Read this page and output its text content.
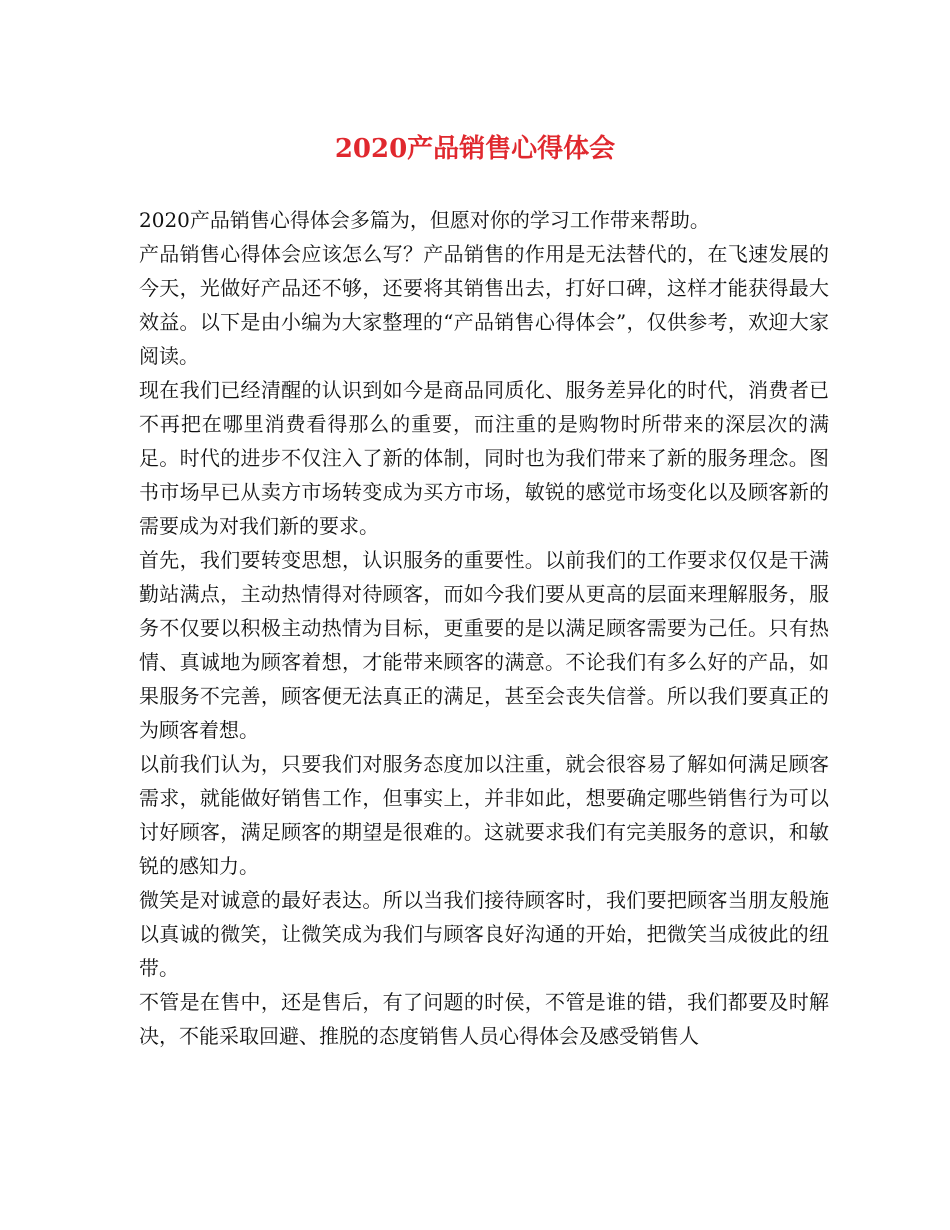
2020产品销售心得体会

2020产品销售心得体会多篇为，但愿对你的学习工作带来帮助。

产品销售心得体会应该怎么写？产品销售的作用是无法替代的，在飞速发展的今天，光做好产品还不够，还要将其销售出去，打好口碑，这样才能获得最大效益。以下是由小编为大家整理的“产品销售心得体会”，仅供参考，欢迎大家阅读。

现在我们已经清醒的认识到如今是商品同质化、服务差异化的时代，消费者已不再把在哪里消费看得那么的重要，而注重的是购物时所带来的深层次的满足。时代的进步不仅注入了新的体制，同时也为我们带来了新的服务理念。图书市场早已从卖方市场转变成为买方市场，敏锐的感觉市场变化以及顾客新的需要成为对我们新的要求。

首先，我们要转变思想，认识服务的重要性。以前我们的工作要求仅仅是干满勤站满点，主动热情得对待顾客，而如今我们要从更高的层面来理解服务，服务不仅要以积极主动热情为目标，更重要的是以满足顾客需要为己任。只有热情、真诚地为顾客着想，才能带来顾客的满意。不论我们有多么好的产品，如果服务不完善，顾客便无法真正的满足，甚至会丧失信誉。所以我们要真正的为顾客着想。

以前我们认为，只要我们对服务态度加以注重，就会很容易了解如何满足顾客需求，就能做好销售工作，但事实上，并非如此，想要确定哪些销售行为可以讨好顾客，满足顾客的期望是很难的。这就要求我们有完美服务的意识，和敏锐的感知力。

微笑是对诚意的最好表达。所以当我们接待顾客时，我们要把顾客当朋友般施以真诚的微笑，让微笑成为我们与顾客良好沟通的开始，把微笑当成彼此的纽带。

不管是在售中，还是售后，有了问题的时侯，不管是谁的错，我们都要及时解决，不能采取回避、推脱的态度销售人员心得体会及感受销售人
